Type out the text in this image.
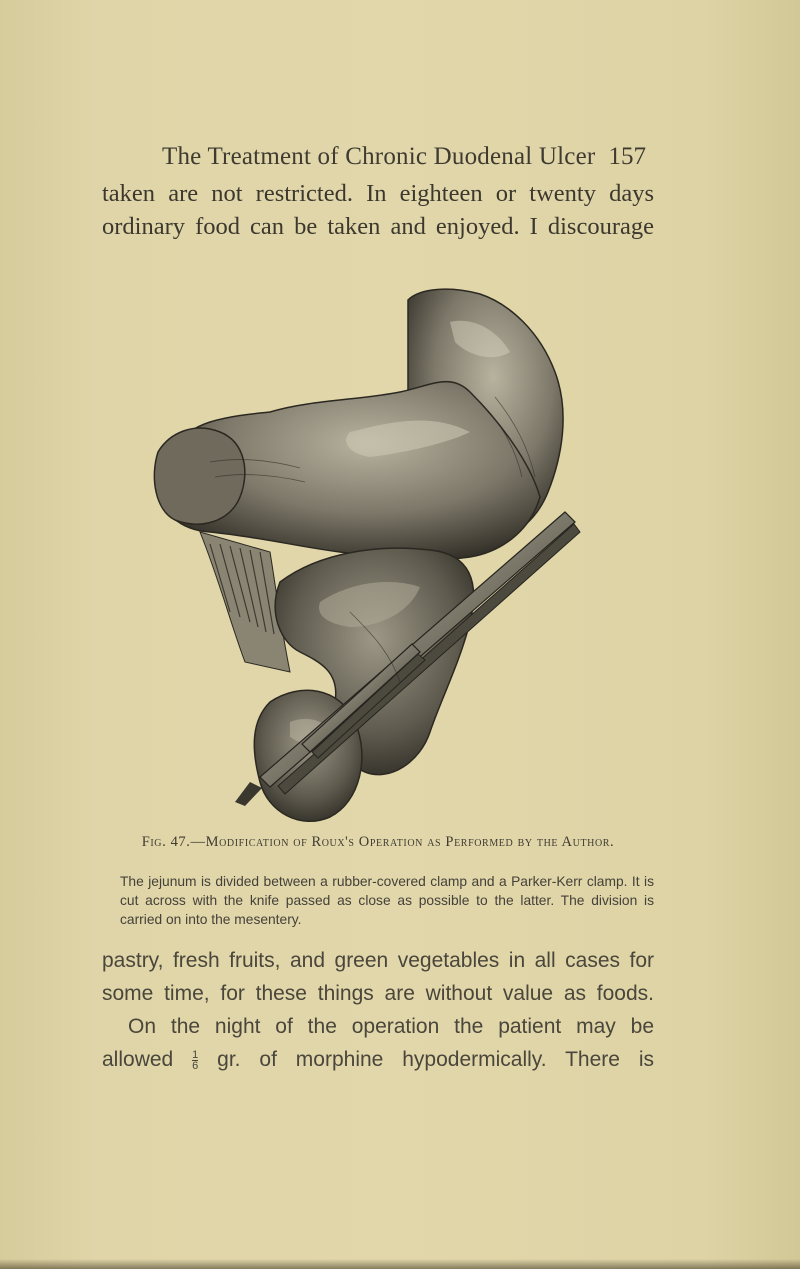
The Treatment of Chronic Duodenal Ulcer 157
taken are not restricted. In eighteen or twenty days
ordinary food can be taken and enjoyed. I discourage
Fig. 47.—Modification of Roux's Operation as Performed by the Author.
The jejunum is divided between a rubber-covered clamp and a Parker-Kerr clamp. It is cut across with the knife passed as close as possible to the latter. The division is carried on into the mesentery.
pastry, fresh fruits, and green vegetables in all cases for
some time, for these things are without value as foods.
On the night of the operation the patient may be
allowed $\frac{1}{6}$ gr. of morphine hypodermically. There is
